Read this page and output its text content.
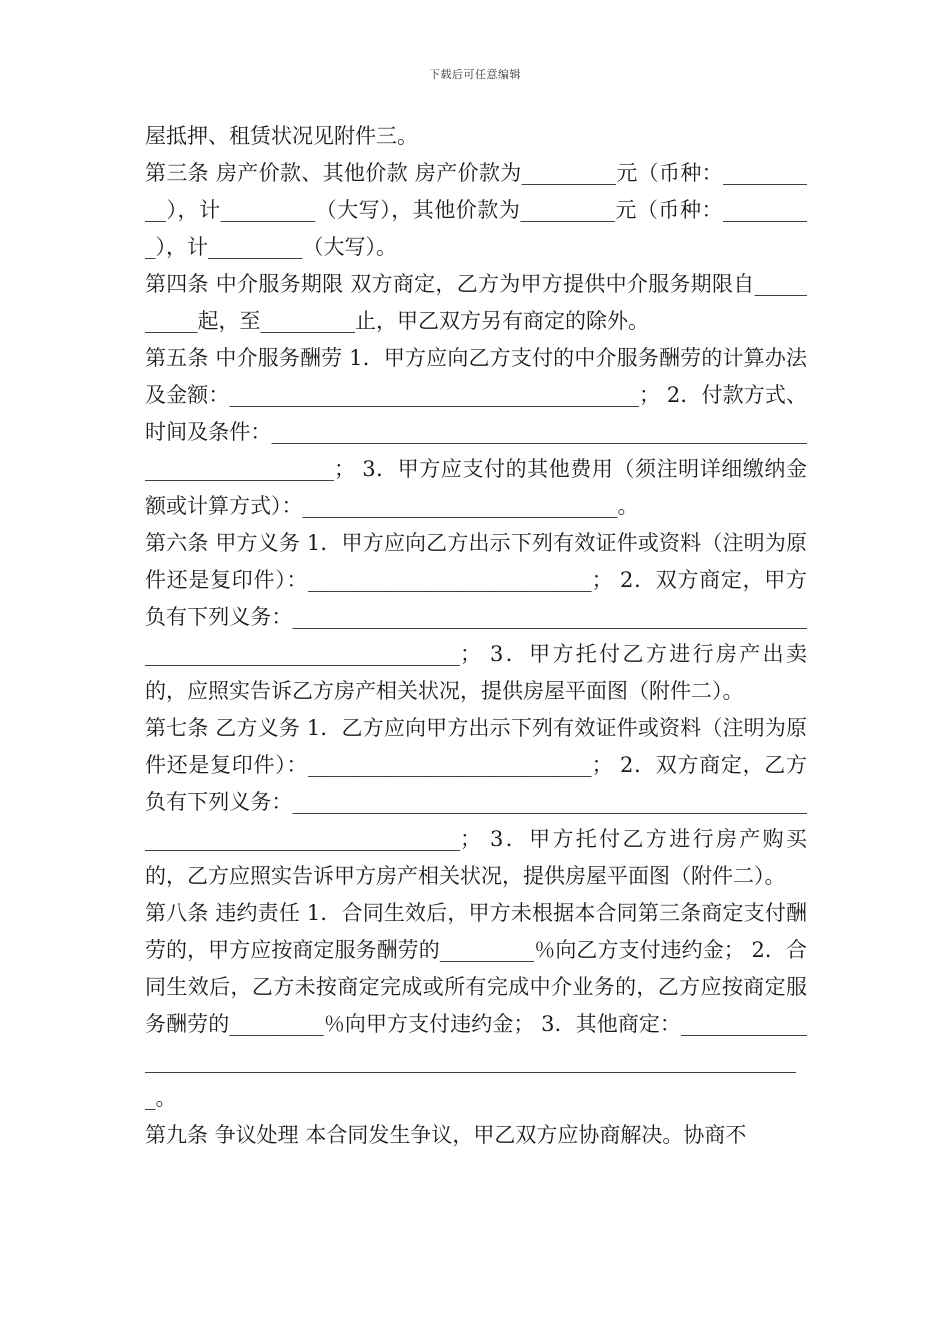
下载后可任意编辑

屋抵押、租赁状况见附件三。

第三条 房产价款、其他价款 房产价款为_________元（币种：__________），计_________（大写），其他价款为_________元（币种：_________），计_________（大写）。

第四条 中介服务期限 双方商定，乙方为甲方提供中介服务期限自__________起，至_________止，甲乙双方另有商定的除外。

第五条 中介服务酬劳 1．甲方应向乙方支付的中介服务酬劳的计算办法及金额：_______________________________________； 2．付款方式、时间及条件：_____________________________________________________________________； 3．甲方应支付的其他费用（须注明详细缴纳金额或计算方式）：______________________________。

第六条 甲方义务 1．甲方应向乙方出示下列有效证件或资料（注明为原件还是复印件）：___________________________； 2．双方商定，甲方负有下列义务：_______________________________________________________________________________； 3．甲方托付乙方进行房产出卖的，应照实告诉乙方房产相关状况，提供房屋平面图（附件二）。

第七条 乙方义务 1．乙方应向甲方出示下列有效证件或资料（注明为原件还是复印件）：___________________________； 2．双方商定，乙方负有下列义务：_______________________________________________________________________________； 3．甲方托付乙方进行房产购买的，乙方应照实告诉甲方房产相关状况，提供房屋平面图（附件二）。

第八条 违约责任 1．合同生效后，甲方未根据本合同第三条商定支付酬劳的，甲方应按商定服务酬劳的_________％向乙方支付违约金； 2．合同生效后，乙方未按商定完成或所有完成中介业务的，乙方应按商定服务酬劳的_________％向甲方支付违约金； 3．其他商定：___________________________________________________________________________。

第九条 争议处理 本合同发生争议，甲乙双方应协商解决。协商不
